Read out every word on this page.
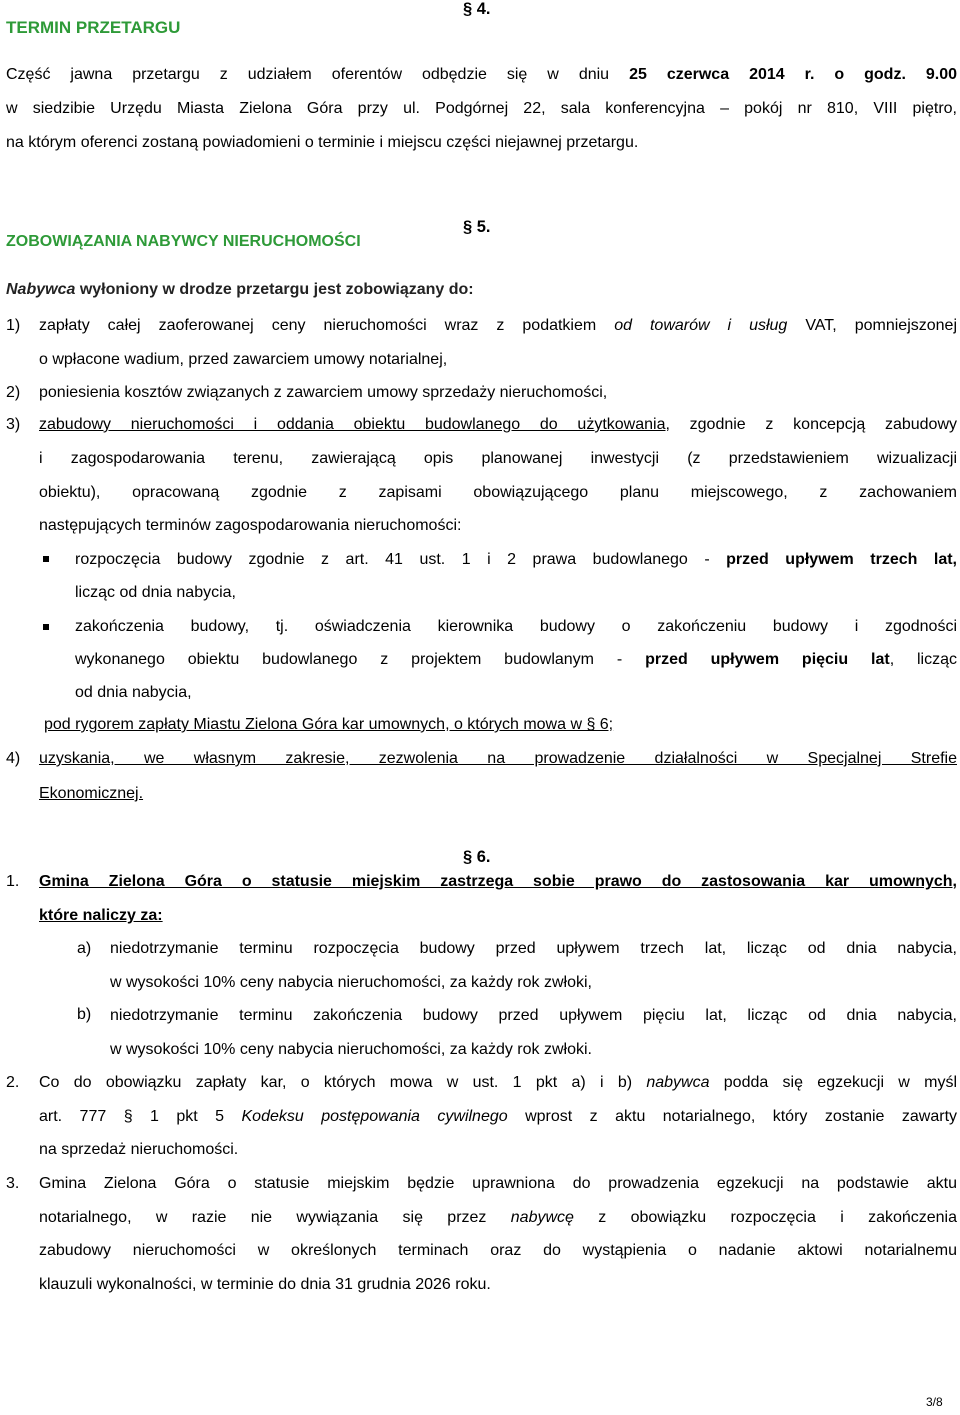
TERMIN PRZETARGU
§ 4.
Część jawna przetargu z udziałem oferentów odbędzie się w dniu 25 czerwca 2014 r. o godz. 9.00
w siedzibie Urzędu Miasta Zielona Góra przy ul. Podgórnej 22, sala konferencyjna – pokój nr 810, VIII piętro,
na którym oferenci zostaną powiadomieni o terminie i miejscu części niejawnej przetargu.
ZOBOWIĄZANIA NABYWCY NIERUCHOMOŚCI
§ 5.
Nabywca wyłoniony w drodze przetargu jest zobowiązany do:
1) zapłaty całej zaoferowanej ceny nieruchomości wraz z podatkiem od towarów i usług VAT, pomniejszonej
o wpłacone wadium, przed zawarciem umowy notarialnej,
2) poniesienia kosztów związanych z zawarciem umowy sprzedaży nieruchomości,
3) zabudowy nieruchomości i oddania obiektu budowlanego do użytkowania, zgodnie z koncepcją zabudowy
i zagospodarowania terenu, zawierającą opis planowanej inwestycji (z przedstawieniem wizualizacji
obiektu), opracowaną zgodnie z zapisami obowiązującego planu miejscowego, z zachowaniem
następujących terminów zagospodarowania nieruchomości:
rozpoczęcia budowy zgodnie z art. 41 ust. 1 i 2 prawa budowlanego - przed upływem trzech lat,
licząc od dnia nabycia,
zakończenia budowy, tj. oświadczenia kierownika budowy o zakończeniu budowy i zgodności
wykonanego obiektu budowlanego z projektem budowlanym - przed upływem pięciu lat, licząc
od dnia nabycia,
pod rygorem zapłaty Miastu Zielona Góra kar umownych, o których mowa w § 6;
4) uzyskania, we własnym zakresie, zezwolenia na prowadzenie działalności w Specjalnej Strefie
Ekonomicznej.
§ 6.
1. Gmina Zielona Góra o statusie miejskim zastrzega sobie prawo do zastosowania kar umownych,
które naliczy za:
a) niedotrzymanie terminu rozpoczęcia budowy przed upływem trzech lat, licząc od dnia nabycia,
w wysokości 10% ceny nabycia nieruchomości, za każdy rok zwłoki,
b) niedotrzymanie terminu zakończenia budowy przed upływem pięciu lat, licząc od dnia nabycia,
w wysokości 10% ceny nabycia nieruchomości, za każdy rok zwłoki.
2. Co do obowiązku zapłaty kar, o których mowa w ust. 1 pkt a) i b) nabywca podda się egzekucji w myśl
art. 777 § 1 pkt 5 Kodeksu postępowania cywilnego wprost z aktu notarialnego, który zostanie zawarty
na sprzedaż nieruchomości.
3. Gmina Zielona Góra o statusie miejskim będzie uprawniona do prowadzenia egzekucji na podstawie aktu
notarialnego, w razie nie wywiązania się przez nabywcę z obowiązku rozpoczęcia i zakończenia
zabudowy nieruchomości w określonych terminach oraz do wystąpienia o nadanie aktowi notarialnemu
klauzuli wykonalności, w terminie do dnia 31 grudnia 2026 roku.
3/8
